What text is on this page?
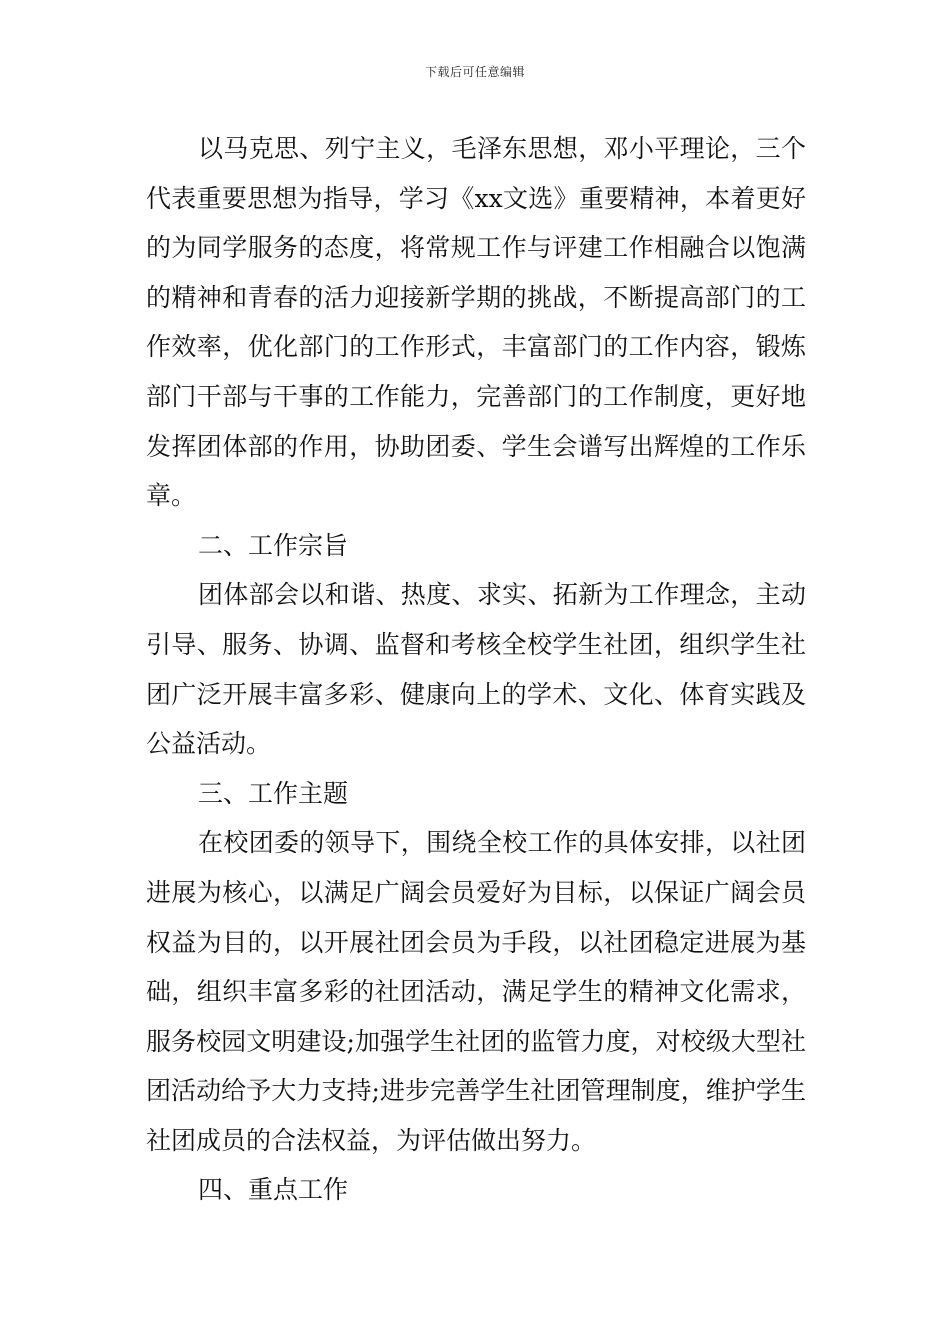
下载后可任意编辑

以马克思、列宁主义，毛泽东思想，邓小平理论，三个代表重要思想为指导，学习《xx文选》重要精神，本着更好的为同学服务的态度，将常规工作与评建工作相融合以饱满的精神和青春的活力迎接新学期的挑战，不断提高部门的工作效率，优化部门的工作形式，丰富部门的工作内容，锻炼部门干部与干事的工作能力，完善部门的工作制度，更好地发挥团体部的作用，协助团委、学生会谱写出辉煌的工作乐章。

二、工作宗旨

团体部会以和谐、热度、求实、拓新为工作理念，主动引导、服务、协调、监督和考核全校学生社团，组织学生社团广泛开展丰富多彩、健康向上的学术、文化、体育实践及公益活动。

三、工作主题

在校团委的领导下，围绕全校工作的具体安排，以社团进展为核心，以满足广阔会员爱好为目标，以保证广阔会员权益为目的，以开展社团会员为手段，以社团稳定进展为基础，组织丰富多彩的社团活动，满足学生的精神文化需求，服务校园文明建设;加强学生社团的监管力度，对校级大型社团活动给予大力支持;进步完善学生社团管理制度，维护学生社团成员的合法权益，为评估做出努力。

四、重点工作
